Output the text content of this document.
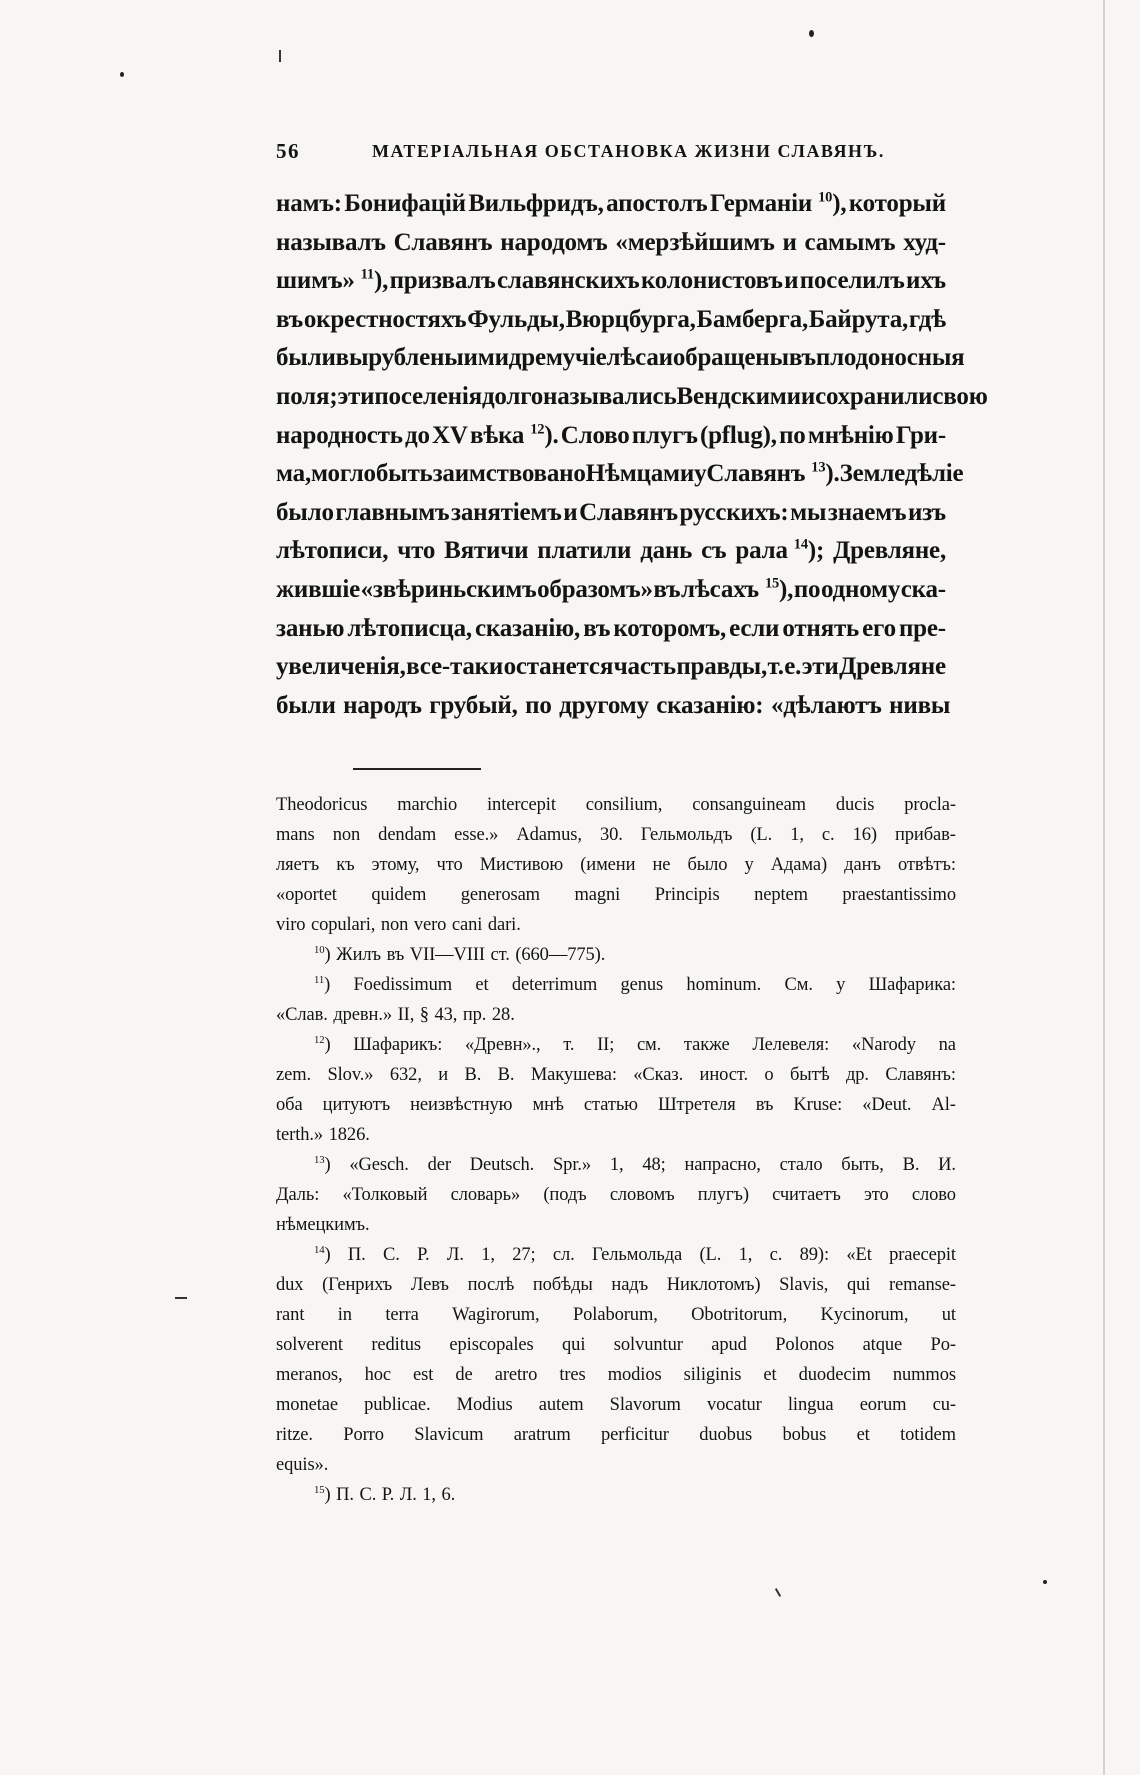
56	МАТЕРІАЛЬНАЯ ОБСТАНОВКА ЖИЗНИ СЛАВЯНЪ.
намъ: Бонифацій Вильфридъ, апостолъ Германіи $^{10}$), который
называлъ Славянъ народомъ «мерзѣйшимъ и самымъ худ-
шимъ» $^{11}$), призвалъ славянскихъ колонистовъ и поселилъ ихъ
въ окрестностяхъ Фульды, Вюрцбурга, Бамберга, Байрута, гдѣ
были вырублены ими дремучіе лѣса и обращены въ плодоносныя
поля; эти поселенія долго назывались Вендскими и сохранили свою
народность до XV вѣка $^{12}$). Слово плугъ (pflug), по мнѣнію Гри-
ма, могло быть заимствовано Нѣмцами у Славянъ $^{13}$). Земледѣліе
было главнымъ занятіемъ и Славянъ русскихъ: мы знаемъ изъ
лѣтописи, что Вятичи платили дань съ рала $^{14}$); Древляне,
жившіе «звѣриньскимъ образомъ» въ лѣсахъ $^{15}$), по одному ска-
занью лѣтописца, сказанію, въ которомъ, если отнять его пре-
увеличенія, все-таки останется часть правды, т. е. эти Древляне
были народъ грубый, по другому сказанію: «дѣлаютъ нивы
Theodoricus marchio intercepit consilium, consanguineam ducis procla-
mans non dendam esse.» Adamus, 30. Гельмольдъ (L. 1, c. 16) прибав-
ляетъ къ этому, что Мистивою (имени не было у Адама) данъ отвѣтъ:
«oportet quidem generosam magni Principis neptem praestantissimo
viro copulari, non vero cani dari.
$^{10}$) Жилъ въ VII—VIII ст. (660—775).
$^{11}$) Foedissimum et deterrimum genus hominum. См. у Шафарика:
«Слав. древн.» II, § 43, пр. 28.
$^{12}$) Шафарикъ: «Древн»., т. II; см. также Лелевеля: «Narody na
zem. Slov.» 632, и В. В. Макушева: «Сказ. иност. о бытѣ др. Славянъ:
оба цитуютъ неизвѣстную мнѣ статью Штретеля въ Kruse: «Deut. Al-
terth.» 1826.
$^{13}$) «Gesch. der Deutsch. Spr.» 1, 48; напрасно, стало быть, В. И.
Даль: «Толковый словарь» (подъ словомъ плугъ) считаетъ это слово
нѣмецкимъ.
$^{14}$) П. С. Р. Л. 1, 27; сл. Гельмольда (L. 1, c. 89): «Et praecepit
dux (Генрихъ Левъ послѣ побѣды надъ Никлотомъ) Slavis, qui remanse-
rant in terra Wagirorum, Polaborum, Obotritorum, Kycinorum, ut
solverent reditus episcopales qui solvuntur apud Polonos atque Po-
meranos, hoc est de aretro tres modios siliginis et duodecim nummos
monetae publicae. Modius autem Slavorum vocatur lingua eorum cu-
ritze. Porro Slavicum aratrum perficitur duobus bobus et totidem
equis».
$^{15}$) П. С. Р. Л. 1, 6.
